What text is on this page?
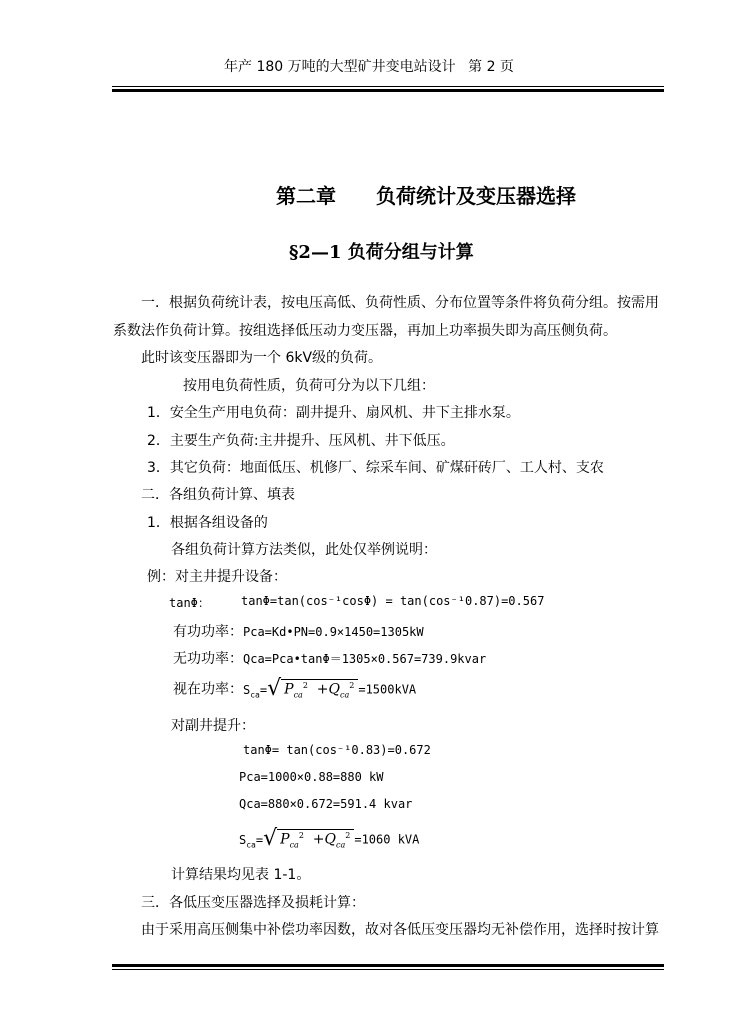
年产 180 万吨的大型矿井变电站设计 第 2 页
第二章 负荷统计及变压器选择
§2—1 负荷分组与计算
一．根据负荷统计表，按电压高低、负荷性质、分布位置等条件将负荷分组。按需用
系数法作负荷计算。按组选择低压动力变压器，再加上功率损失即为高压侧负荷。
此时该变压器即为一个 6kV级的负荷。
按用电负荷性质，负荷可分为以下几组：
1．安全生产用电负荷：副井提升、扇风机、井下主排水泵。
2．主要生产负荷:主井提升、压风机、井下低压。
3．其它负荷：地面低压、机修厂、综采车间、矿煤矸砖厂、工人村、支农
二．各组负荷计算、填表
1．根据各组设备的
各组负荷计算方法类似，此处仅举例说明：
例：对主井提升设备：
tanΦ：	tanΦ=tan(cos⁻¹cosΦ) = tan(cos⁻¹0.87)=0.567
有功功率：Pca=Kd•PN=0.9×1450=1305kW
无功功率：Qca=Pca•tanΦ＝1305×0.567=739.9kvar
视在功率：$S_{ca}=$ √ $P_{ca}^2 +Q_{ca}^2 =1500kVA$
对副井提升：
tanΦ= tan(cos⁻¹0.83)=0.672
Pca=1000×0.88=880 kW
Qca=880×0.672=591.4 kvar
$S_{ca}=$ √ $P_{ca}^2 +Q_{ca}^2 =1060$ kVA
计算结果均见表 1-1。
三．各低压变压器选择及损耗计算：
由于采用高压侧集中补偿功率因数，故对各低压变压器均无补偿作用，选择时按计算
